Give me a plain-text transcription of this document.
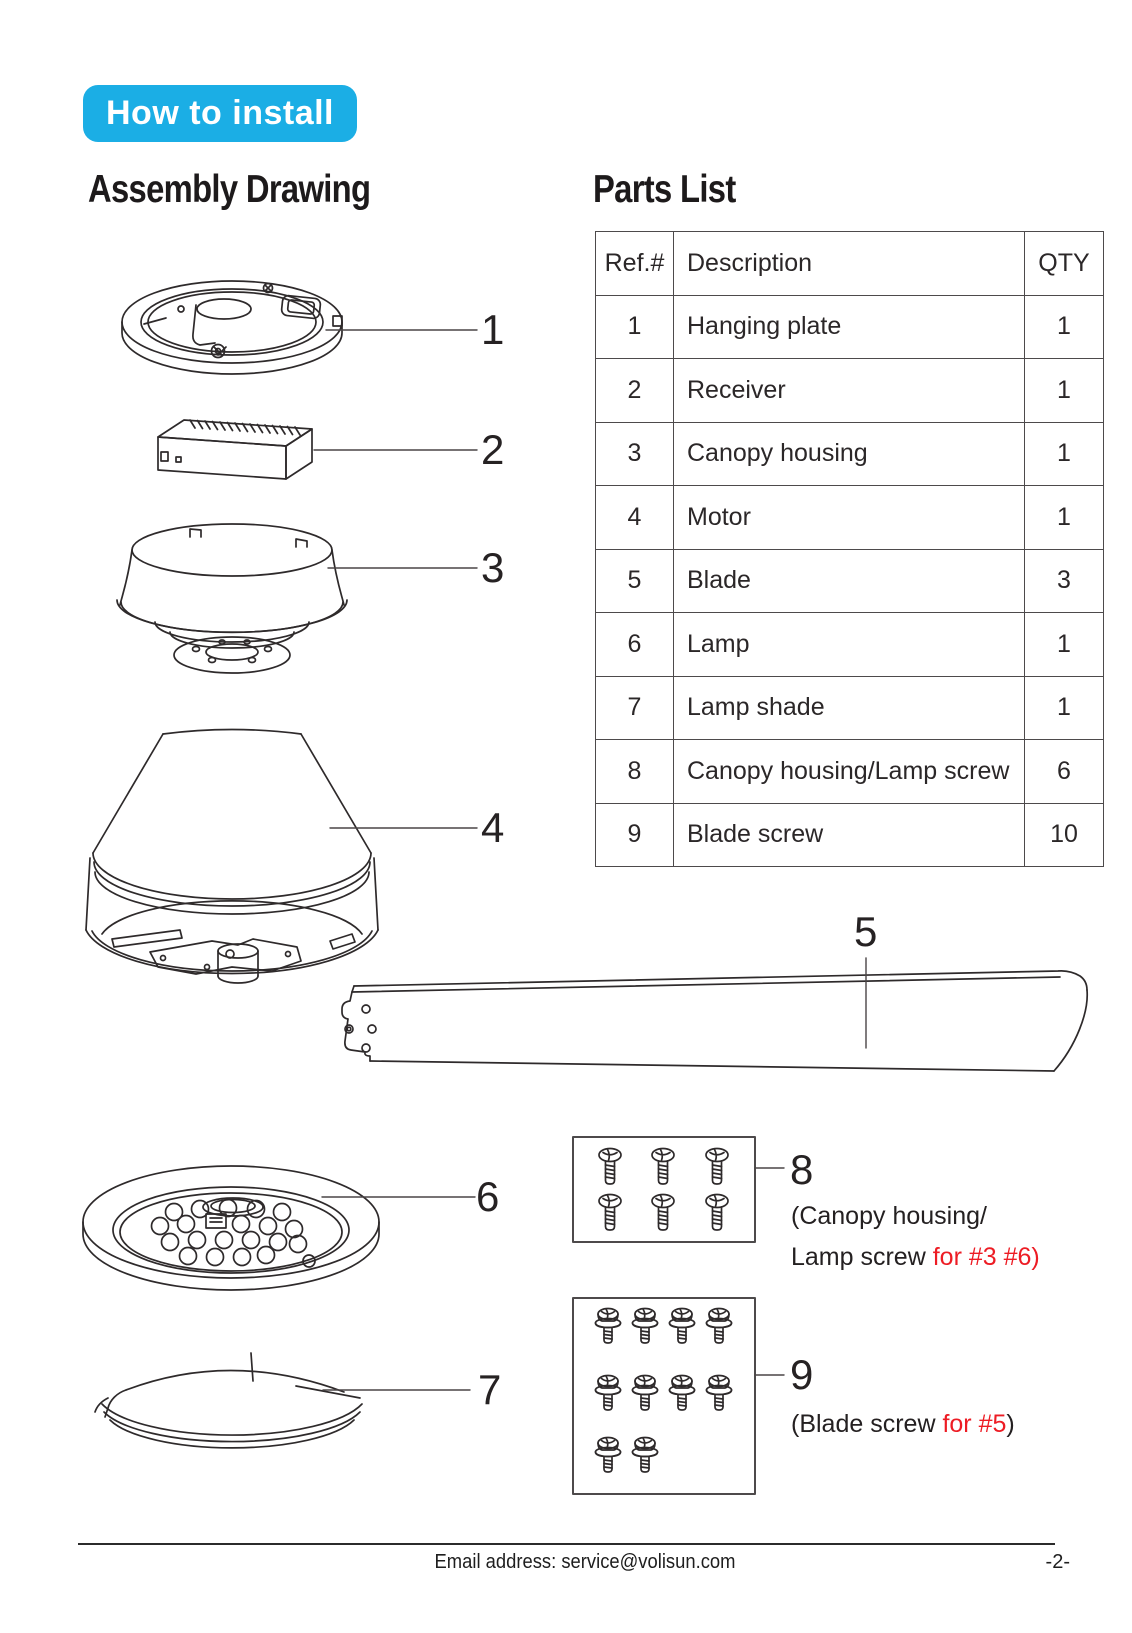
How to install
Assembly Drawing	Parts List
Ref.#	Description	QTY
1	Hanging plate	1
2	Receiver	1
3	Canopy housing	1
4	Motor	1
5	Blade	3
6	Lamp	1
7	Lamp shade	1
8	Canopy housing/Lamp screw	6
9	Blade screw	10
1
2
3
4
5
6
7
8
9
(Canopy housing/
Lamp screw for #3 #6)
(Blade screw for #5)
Email address: service@volisun.com	-2-
